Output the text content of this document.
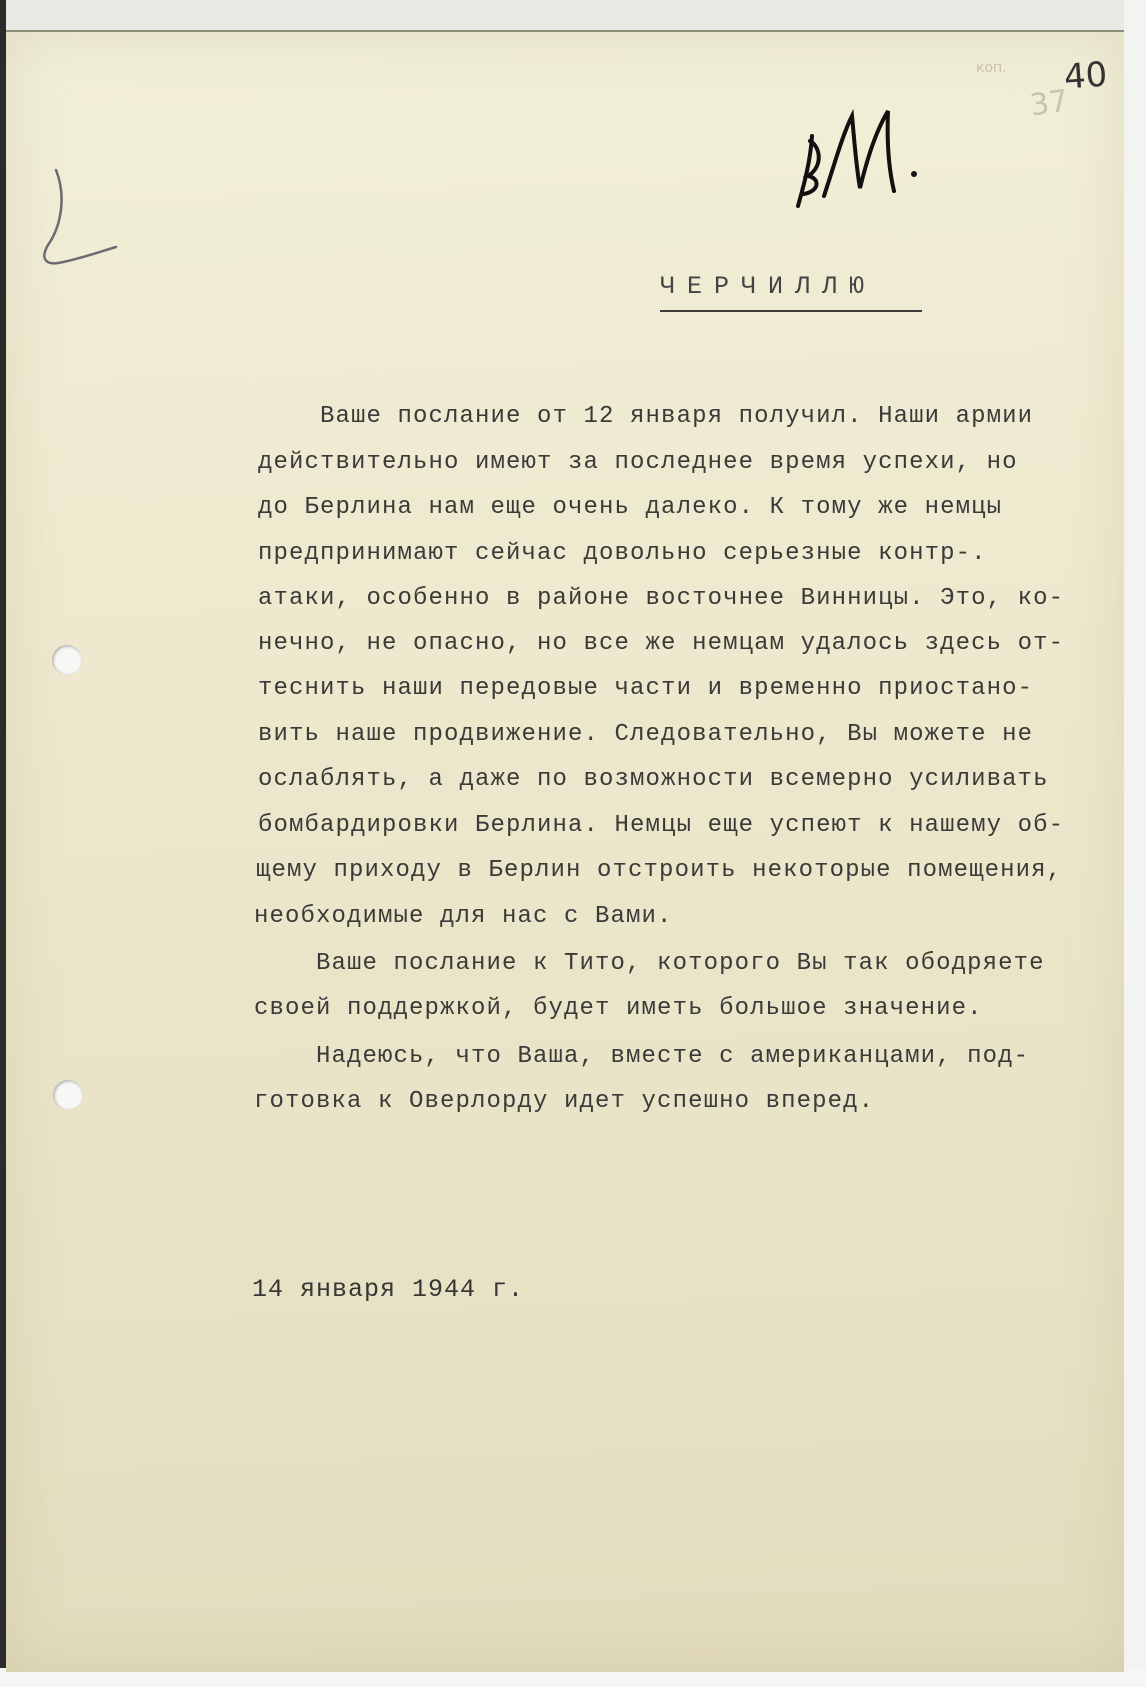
коп.
37
40
ЧЕРЧИЛЛЮ
Ваше послание от 12 января получил. Наши армии
действительно имеют за последнее время успехи, но
до Берлина нам еще очень далеко. К тому же немцы
предпринимают сейчас довольно серьезные контр-.
атаки, особенно в районе восточнее Винницы. Это, ко-
нечно, не опасно, но все же немцам удалось здесь от-
теснить наши передовые части и временно приостано-
вить наше продвижение. Следовательно, Вы можете не
ослаблять, а даже по возможности всемерно усиливать
бомбардировки Берлина. Немцы еще успеют к нашему об-
щему приходу в Берлин отстроить некоторые помещения,
необходимые для нас с Вами.
Ваше послание к Тито, которого Вы так ободряете
своей поддержкой, будет иметь большое значение.
Надеюсь, что Ваша, вместе с американцами, под-
готовка к Оверлорду идет успешно вперед.
14 января 1944 г.
